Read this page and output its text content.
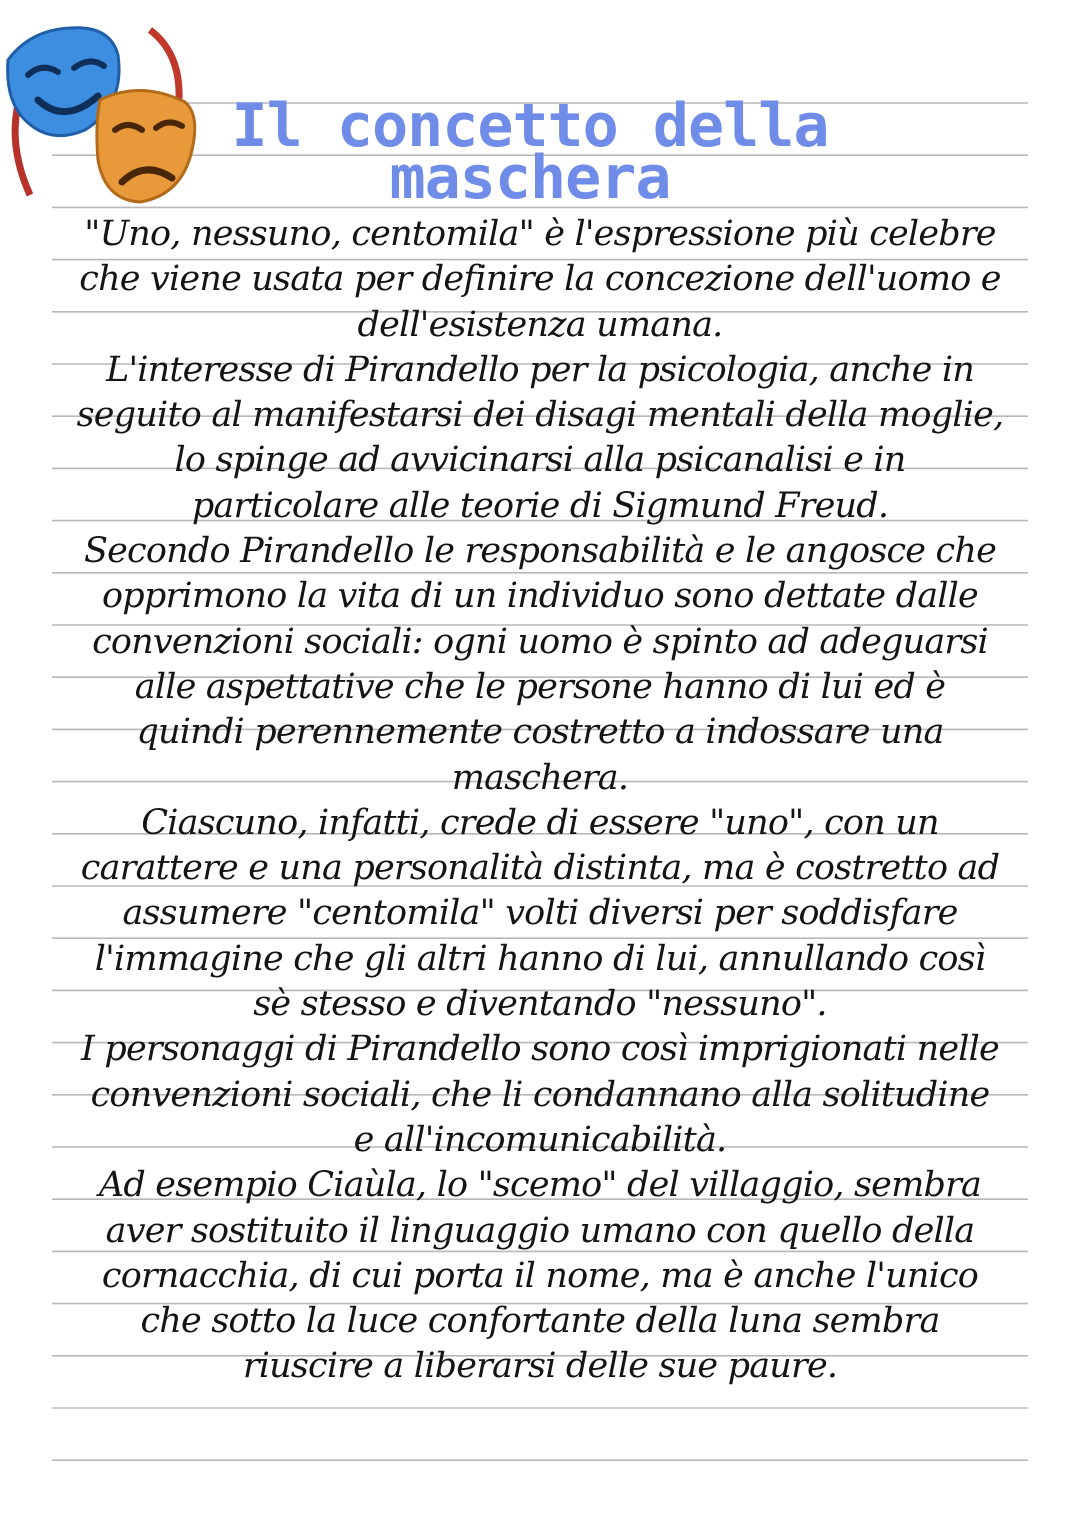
Il concetto della
maschera
"Uno, nessuno, centomila" è l'espressione più celebre
che viene usata per definire la concezione dell'uomo e
dell'esistenza umana.
L'interesse di Pirandello per la psicologia, anche in
seguito al manifestarsi dei disagi mentali della moglie,
lo spinge ad avvicinarsi alla psicanalisi e in
particolare alle teorie di Sigmund Freud.
Secondo Pirandello le responsabilità e le angosce che
opprimono la vita di un individuo sono dettate dalle
convenzioni sociali: ogni uomo è spinto ad adeguarsi
alle aspettative che le persone hanno di lui ed è
quindi perennemente costretto a indossare una
maschera.
Ciascuno, infatti, crede di essere "uno", con un
carattere e una personalità distinta, ma è costretto ad
assumere "centomila" volti diversi per soddisfare
l'immagine che gli altri hanno di lui, annullando così
sè stesso e diventando "nessuno".
I personaggi di Pirandello sono così imprigionati nelle
convenzioni sociali, che li condannano alla solitudine
e all'incomunicabilità.
Ad esempio Ciaùla, lo "scemo" del villaggio, sembra
aver sostituito il linguaggio umano con quello della
cornacchia, di cui porta il nome, ma è anche l'unico
che sotto la luce confortante della luna sembra
riuscire a liberarsi delle sue paure.
